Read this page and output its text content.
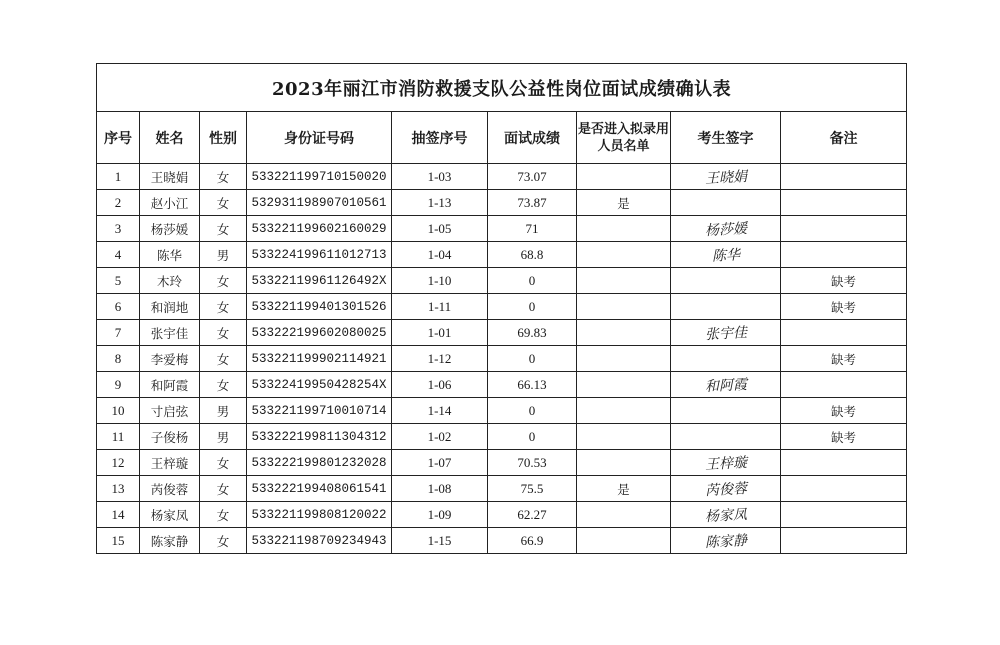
2023年丽江市消防救援支队公益性岗位面试成绩确认表								
序号	姓名	性别	身份证号码	抽签序号	面试成绩	是否进入拟录用人员名单	考生签字	备注
1	王晓娟	女	533221199710150020	1-03	73.07		王晓娟	
2	赵小江	女	532931198907010561	1-13	73.87	是		
3	杨莎媛	女	533221199602160029	1-05	71		杨莎媛	
4	陈华	男	533224199611012713	1-04	68.8		陈华	
5	木玲	女	53322119961126492X	1-10	0			缺考
6	和润地	女	533221199401301526	1-11	0			缺考
7	张宇佳	女	533222199602080025	1-01	69.83		张宇佳	
8	李爱梅	女	533221199902114921	1-12	0			缺考
9	和阿霞	女	53322419950428254X	1-06	66.13		和阿霞	
10	寸启弦	男	533221199710010714	1-14	0			缺考
11	子俊杨	男	533222199811304312	1-02	0			缺考
12	王梓璇	女	533222199801232028	1-07	70.53		王梓璇	
13	芮俊蓉	女	533222199408061541	1-08	75.5	是	芮俊蓉	
14	杨家凤	女	533221199808120022	1-09	62.27		杨家凤	
15	陈家静	女	533221198709234943	1-15	66.9		陈家静	
